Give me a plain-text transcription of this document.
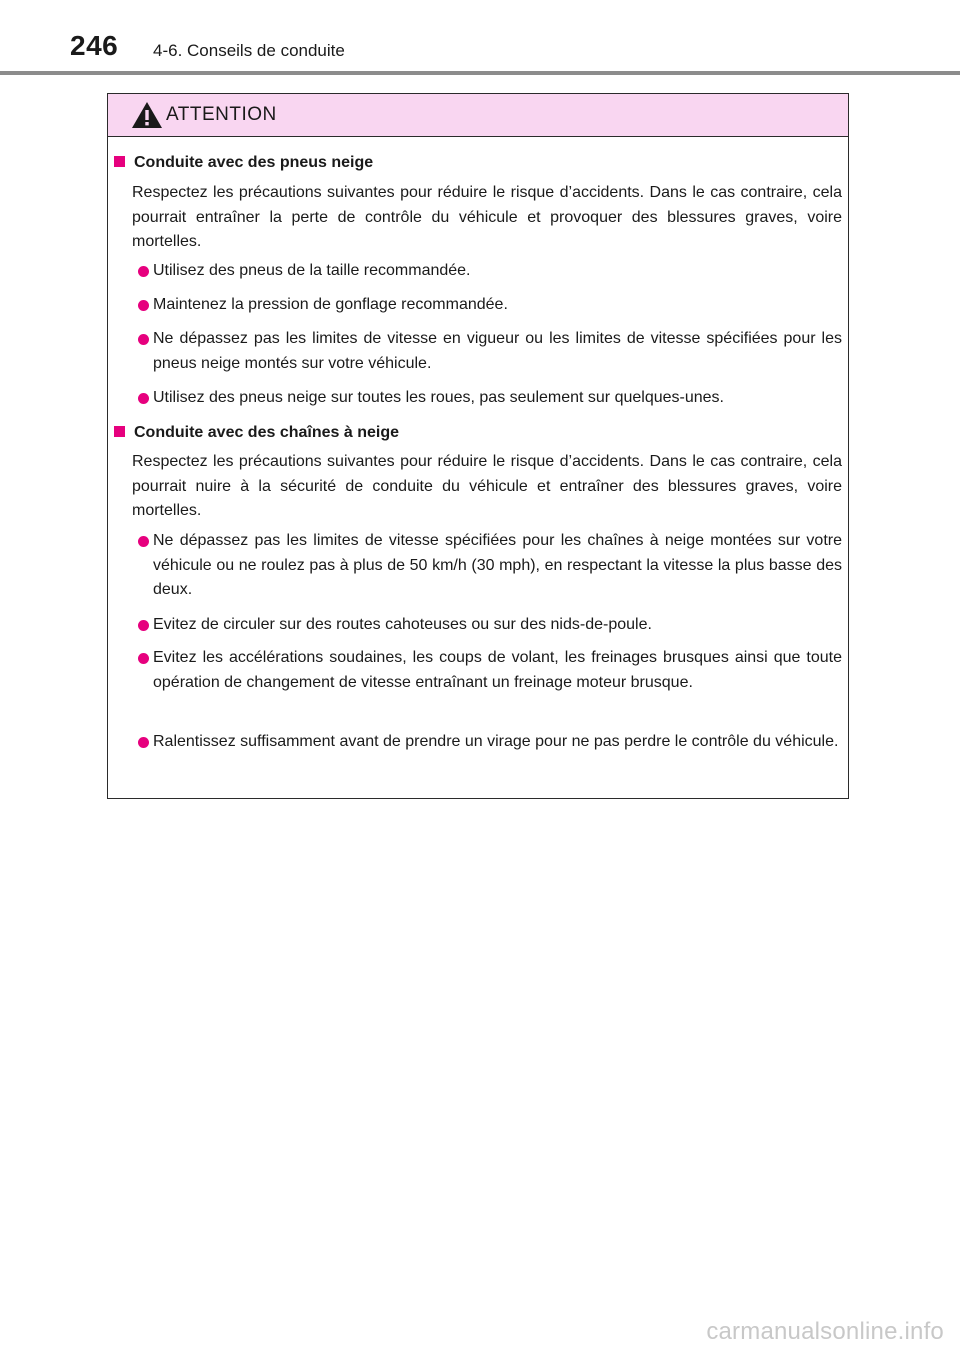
246 4-6. Conseils de conduite
ATTENTION
Conduite avec des pneus neige
Respectez les précautions suivantes pour réduire le risque d’accidents. Dans le cas contraire, cela pourrait entraîner la perte de contrôle du véhicule et provoquer des blessures graves, voire mortelles.
Utilisez des pneus de la taille recommandée.
Maintenez la pression de gonflage recommandée.
Ne dépassez pas les limites de vitesse en vigueur ou les limites de vitesse spécifiées pour les pneus neige montés sur votre véhicule.
Utilisez des pneus neige sur toutes les roues, pas seulement sur quelques-unes.
Conduite avec des chaînes à neige
Respectez les précautions suivantes pour réduire le risque d’accidents. Dans le cas contraire, cela pourrait nuire à la sécurité de conduite du véhicule et entraîner des blessures graves, voire mortelles.
Ne dépassez pas les limites de vitesse spécifiées pour les chaînes à neige montées sur votre véhicule ou ne roulez pas à plus de 50 km/h (30 mph), en respectant la vitesse la plus basse des deux.
Evitez de circuler sur des routes cahoteuses ou sur des nids-de-poule.
Evitez les accélérations soudaines, les coups de volant, les freinages brusques ainsi que toute opération de changement de vitesse entraînant un freinage moteur brusque.
Ralentissez suffisamment avant de prendre un virage pour ne pas perdre le contrôle du véhicule.
carmanualsonline.info
